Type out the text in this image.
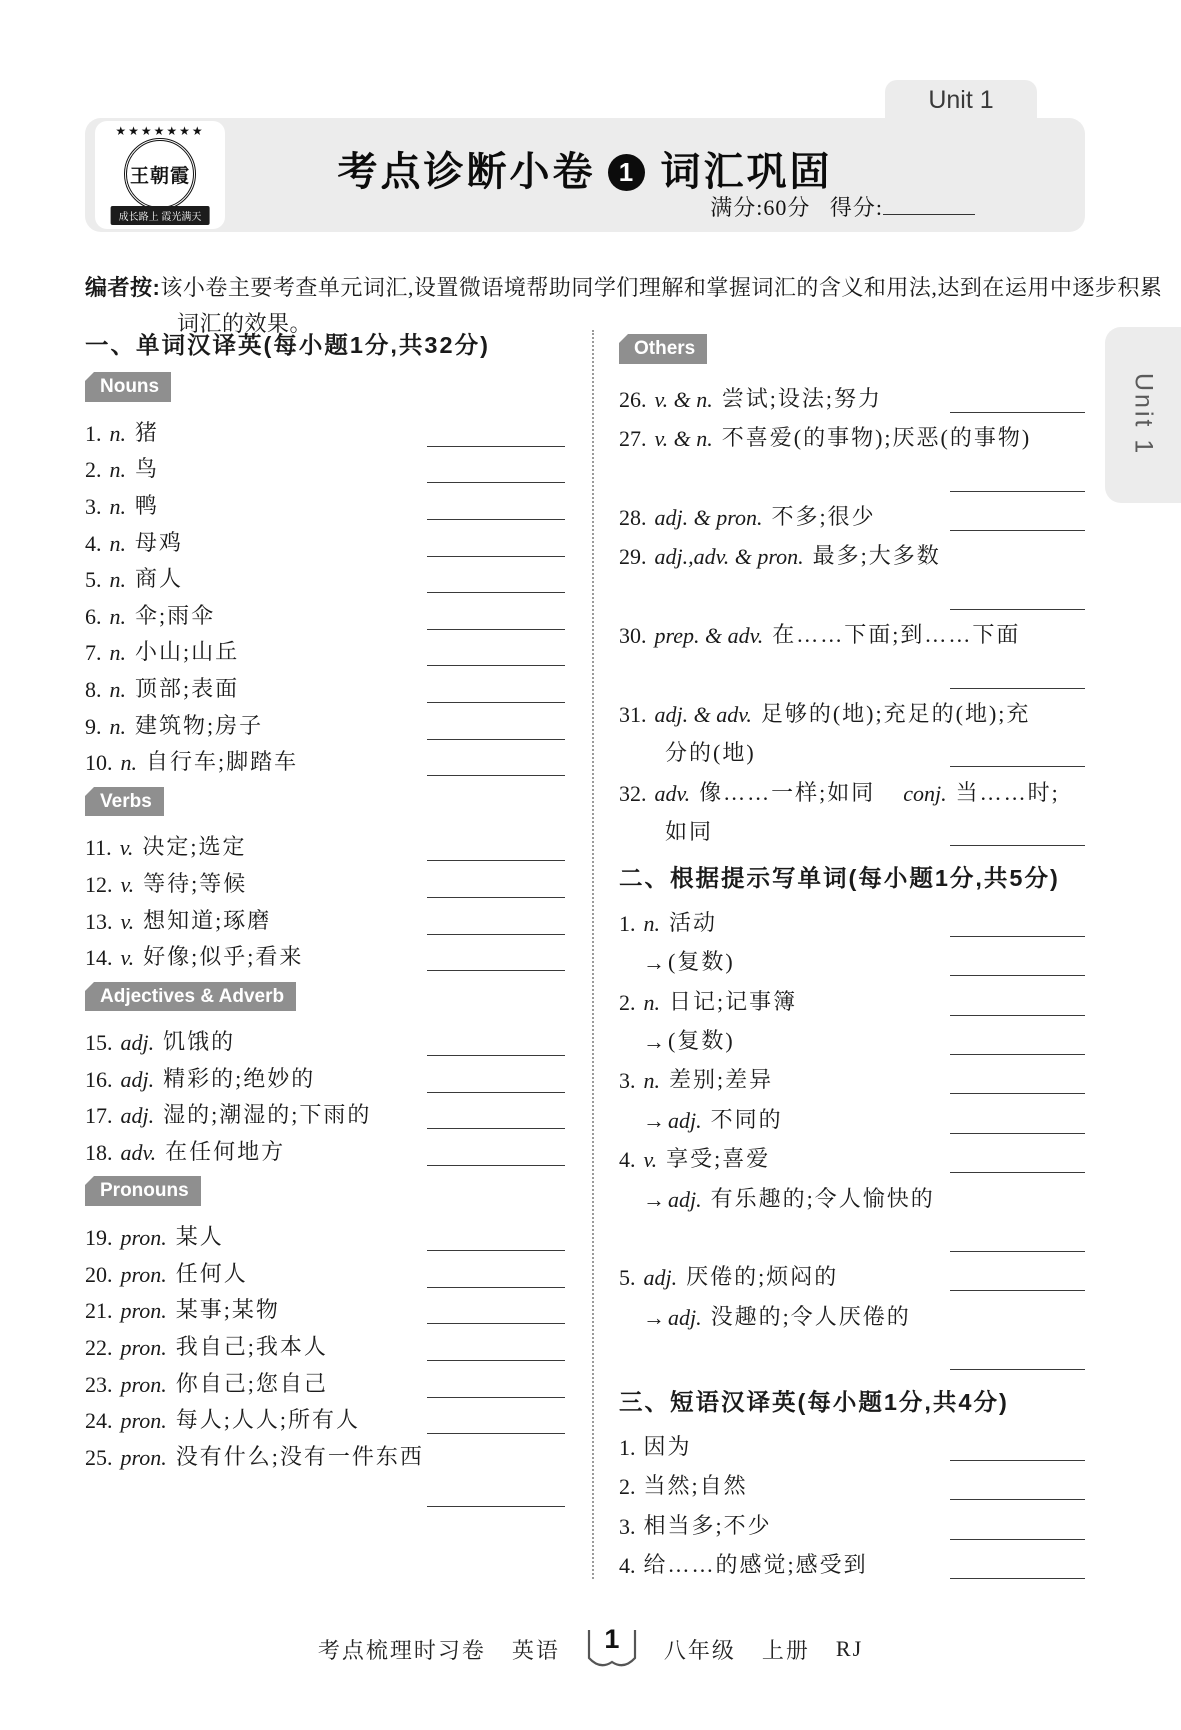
Unit 1
★★★★★★★
王朝霞
成长路上 霞光满天
考点诊断小卷 1 词汇巩固
满分:60分 得分:
Unit 1

编者按:该小卷主要考查单元词汇,设置微语境帮助同学们理解和掌握词汇的含义和用法,达到在运用中逐步积累词汇的效果。

一、单词汉译英(每小题1分,共32分)
Nouns
1. n. 猪
2. n. 鸟
3. n. 鸭
4. n. 母鸡
5. n. 商人
6. n. 伞;雨伞
7. n. 小山;山丘
8. n. 顶部;表面
9. n. 建筑物;房子
10. n. 自行车;脚踏车
Verbs
11. v. 决定;选定
12. v. 等待;等候
13. v. 想知道;琢磨
14. v. 好像;似乎;看来
Adjectives & Adverb
15. adj. 饥饿的
16. adj. 精彩的;绝妙的
17. adj. 湿的;潮湿的;下雨的
18. adv. 在任何地方
Pronouns
19. pron. 某人
20. pron. 任何人
21. pron. 某事;某物
22. pron. 我自己;我本人
23. pron. 你自己;您自己
24. pron. 每人;人人;所有人
25. pron. 没有什么;没有一件东西
Others
26. v. & n. 尝试;设法;努力
27. v. & n. 不喜爱(的事物);厌恶(的事物)
28. adj. & pron. 不多;很少
29. adj.,adv. & pron. 最多;大多数
30. prep. & adv. 在……下面;到……下面
31. adj. & adv. 足够的(地);充足的(地);充
分的(地)
32. adv. 像……一样;如同 conj. 当……时;
如同
二、根据提示写单词(每小题1分,共5分)
1. n. 活动
→ (复数)
2. n. 日记;记事簿
→ (复数)
3. n. 差别;差异
→ adj. 不同的
4. v. 享受;喜爱
→ adj. 有乐趣的;令人愉快的
5. adj. 厌倦的;烦闷的
→ adj. 没趣的;令人厌倦的
三、短语汉译英(每小题1分,共4分)
1. 因为
2. 当然;自然
3. 相当多;不少
4. 给……的感觉;感受到
考点梳理时习卷 英语	1	八年级 上册 RJ
